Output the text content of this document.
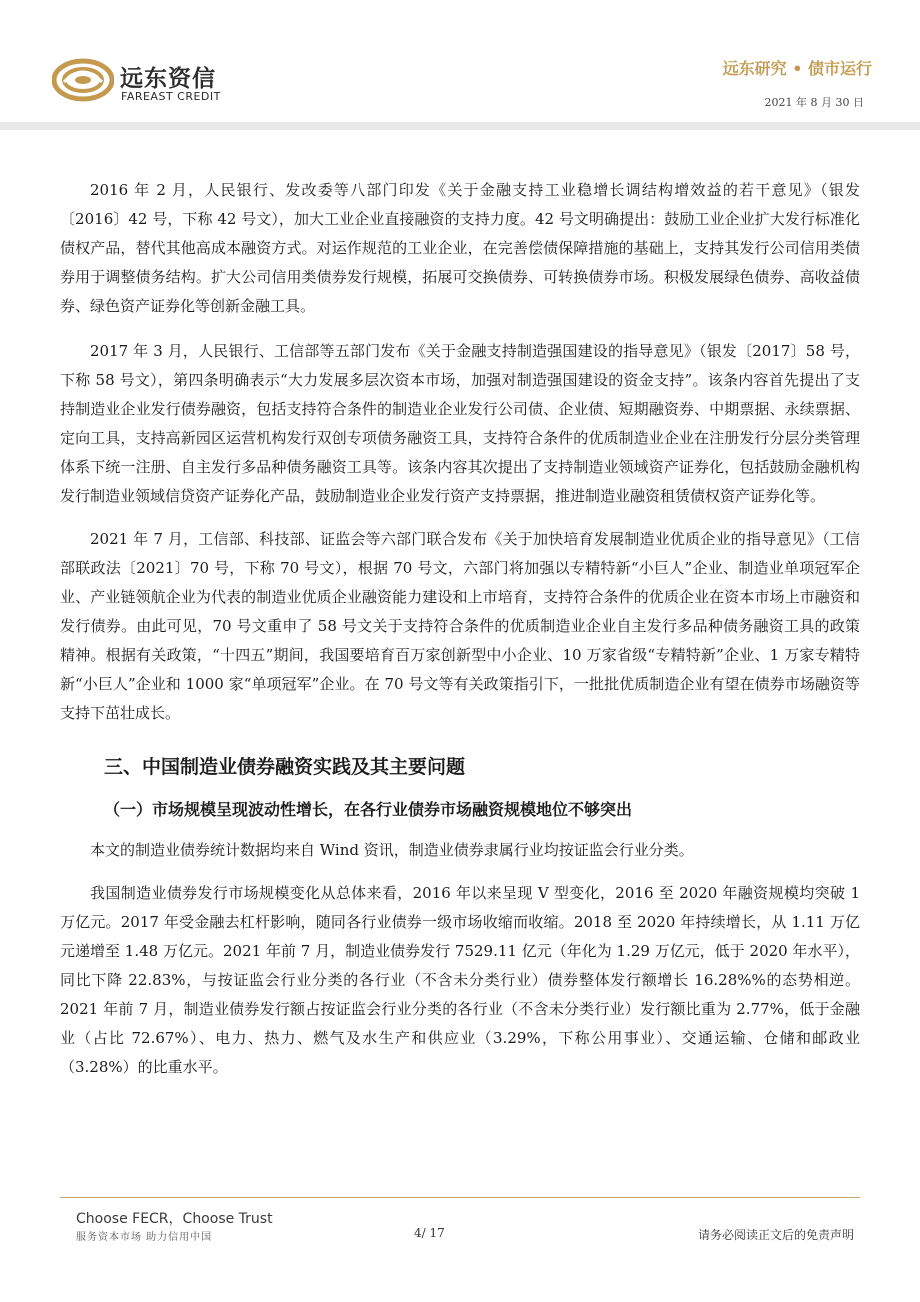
远东资信
FAREAST CREDIT
远东研究 • 债市运行
2021 年 8 月 30 日

2016 年 2 月，人民银行、发改委等八部门印发《关于金融支持工业稳增长调结构增效益的若干意见》（银发〔2016〕42 号，下称 42 号文），加大工业企业直接融资的支持力度。42 号文明确提出：鼓励工业企业扩大发行标准化债权产品，替代其他高成本融资方式。对运作规范的工业企业，在完善偿债保障措施的基础上，支持其发行公司信用类债券用于调整债务结构。扩大公司信用类债券发行规模，拓展可交换债券、可转换债券市场。积极发展绿色债券、高收益债券、绿色资产证券化等创新金融工具。

2017 年 3 月，人民银行、工信部等五部门发布《关于金融支持制造强国建设的指导意见》（银发〔2017〕58 号，下称 58 号文），第四条明确表示“大力发展多层次资本市场，加强对制造强国建设的资金支持”。该条内容首先提出了支持制造业企业发行债券融资，包括支持符合条件的制造业企业发行公司债、企业债、短期融资券、中期票据、永续票据、定向工具，支持高新园区运营机构发行双创专项债务融资工具，支持符合条件的优质制造业企业在注册发行分层分类管理体系下统一注册、自主发行多品种债务融资工具等。该条内容其次提出了支持制造业领域资产证券化，包括鼓励金融机构发行制造业领域信贷资产证券化产品，鼓励制造业企业发行资产支持票据，推进制造业融资租赁债权资产证券化等。

2021 年 7 月，工信部、科技部、证监会等六部门联合发布《关于加快培育发展制造业优质企业的指导意见》（工信部联政法〔2021〕70 号，下称 70 号文），根据 70 号文，六部门将加强以专精特新“小巨人”企业、制造业单项冠军企业、产业链领航企业为代表的制造业优质企业融资能力建设和上市培育，支持符合条件的优质企业在资本市场上市融资和发行债券。由此可见，70 号文重申了 58 号文关于支持符合条件的优质制造业企业自主发行多品种债务融资工具的政策精神。根据有关政策，“十四五”期间，我国要培育百万家创新型中小企业、10 万家省级“专精特新”企业、1 万家专精特新“小巨人”企业和 1000 家“单项冠军”企业。在 70 号文等有关政策指引下，一批批优质制造企业有望在债券市场融资等支持下茁壮成长。

三、中国制造业债券融资实践及其主要问题
（一）市场规模呈现波动性增长，在各行业债券市场融资规模地位不够突出

本文的制造业债券统计数据均来自 Wind 资讯，制造业债券隶属行业均按证监会行业分类。

我国制造业债券发行市场规模变化从总体来看，2016 年以来呈现 V 型变化，2016 至 2020 年融资规模均突破 1 万亿元。2017 年受金融去杠杆影响，随同各行业债券一级市场收缩而收缩。2018 至 2020 年持续增长，从 1.11 万亿元递增至 1.48 万亿元。2021 年前 7 月，制造业债券发行 7529.11 亿元（年化为 1.29 万亿元，低于 2020 年水平），同比下降 22.83%，与按证监会行业分类的各行业（不含未分类行业）债券整体发行额增长 16.28%%的态势相逆。2021 年前 7 月，制造业债券发行额占按证监会行业分类的各行业（不含未分类行业）发行额比重为 2.77%，低于金融业（占比 72.67%）、电力、热力、燃气及水生产和供应业（3.29%，下称公用事业）、交通运输、仓储和邮政业（3.28%）的比重水平。

Choose FECR，Choose Trust
服务资本市场 助力信用中国	4/ 17	请务必阅读正文后的免责声明
